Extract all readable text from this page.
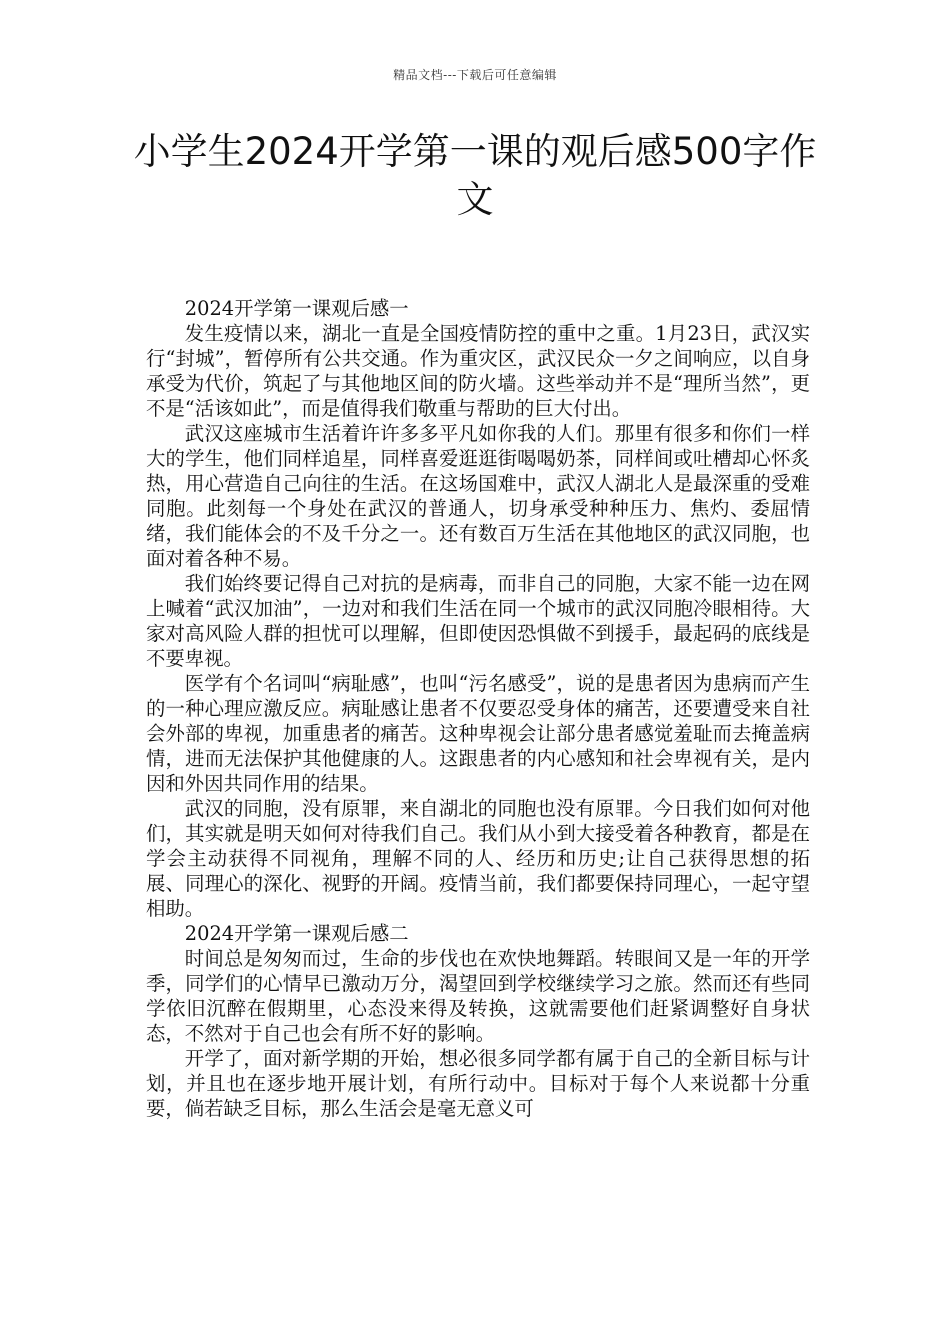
精品文档---下载后可任意编辑
小学生2024开学第一课的观后感500字作文

2024开学第一课观后感一

发生疫情以来，湖北一直是全国疫情防控的重中之重。1月23日，武汉实行“封城”，暂停所有公共交通。作为重灾区，武汉民众一夕之间响应，以自身承受为代价，筑起了与其他地区间的防火墙。这些举动并不是“理所当然”，更不是“活该如此”，而是值得我们敬重与帮助的巨大付出。

武汉这座城市生活着许许多多平凡如你我的人们。那里有很多和你们一样大的学生，他们同样追星，同样喜爱逛逛街喝喝奶茶，同样间或吐槽却心怀炙热，用心营造自己向往的生活。在这场国难中，武汉人湖北人是最深重的受难同胞。此刻每一个身处在武汉的普通人，切身承受种种压力、焦灼、委屈情绪，我们能体会的不及千分之一。还有数百万生活在其他地区的武汉同胞，也面对着各种不易。

我们始终要记得自己对抗的是病毒，而非自己的同胞，大家不能一边在网上喊着“武汉加油”，一边对和我们生活在同一个城市的武汉同胞冷眼相待。大家对高风险人群的担忧可以理解，但即使因恐惧做不到援手，最起码的底线是不要卑视。

医学有个名词叫“病耻感”，也叫“污名感受”，说的是患者因为患病而产生的一种心理应激反应。病耻感让患者不仅要忍受身体的痛苦，还要遭受来自社会外部的卑视，加重患者的痛苦。这种卑视会让部分患者感觉羞耻而去掩盖病情，进而无法保护其他健康的人。这跟患者的内心感知和社会卑视有关，是内因和外因共同作用的结果。

武汉的同胞，没有原罪，来自湖北的同胞也没有原罪。今日我们如何对他们，其实就是明天如何对待我们自己。我们从小到大接受着各种教育，都是在学会主动获得不同视角，理解不同的人、经历和历史;让自己获得思想的拓展、同理心的深化、视野的开阔。疫情当前，我们都要保持同理心，一起守望相助。

2024开学第一课观后感二

时间总是匆匆而过，生命的步伐也在欢快地舞蹈。转眼间又是一年的开学季，同学们的心情早已激动万分，渴望回到学校继续学习之旅。然而还有些同学依旧沉醉在假期里，心态没来得及转换，这就需要他们赶紧调整好自身状态，不然对于自己也会有所不好的影响。

开学了，面对新学期的开始，想必很多同学都有属于自己的全新目标与计划，并且也在逐步地开展计划，有所行动中。目标对于每个人来说都十分重要，倘若缺乏目标，那么生活会是毫无意义可
